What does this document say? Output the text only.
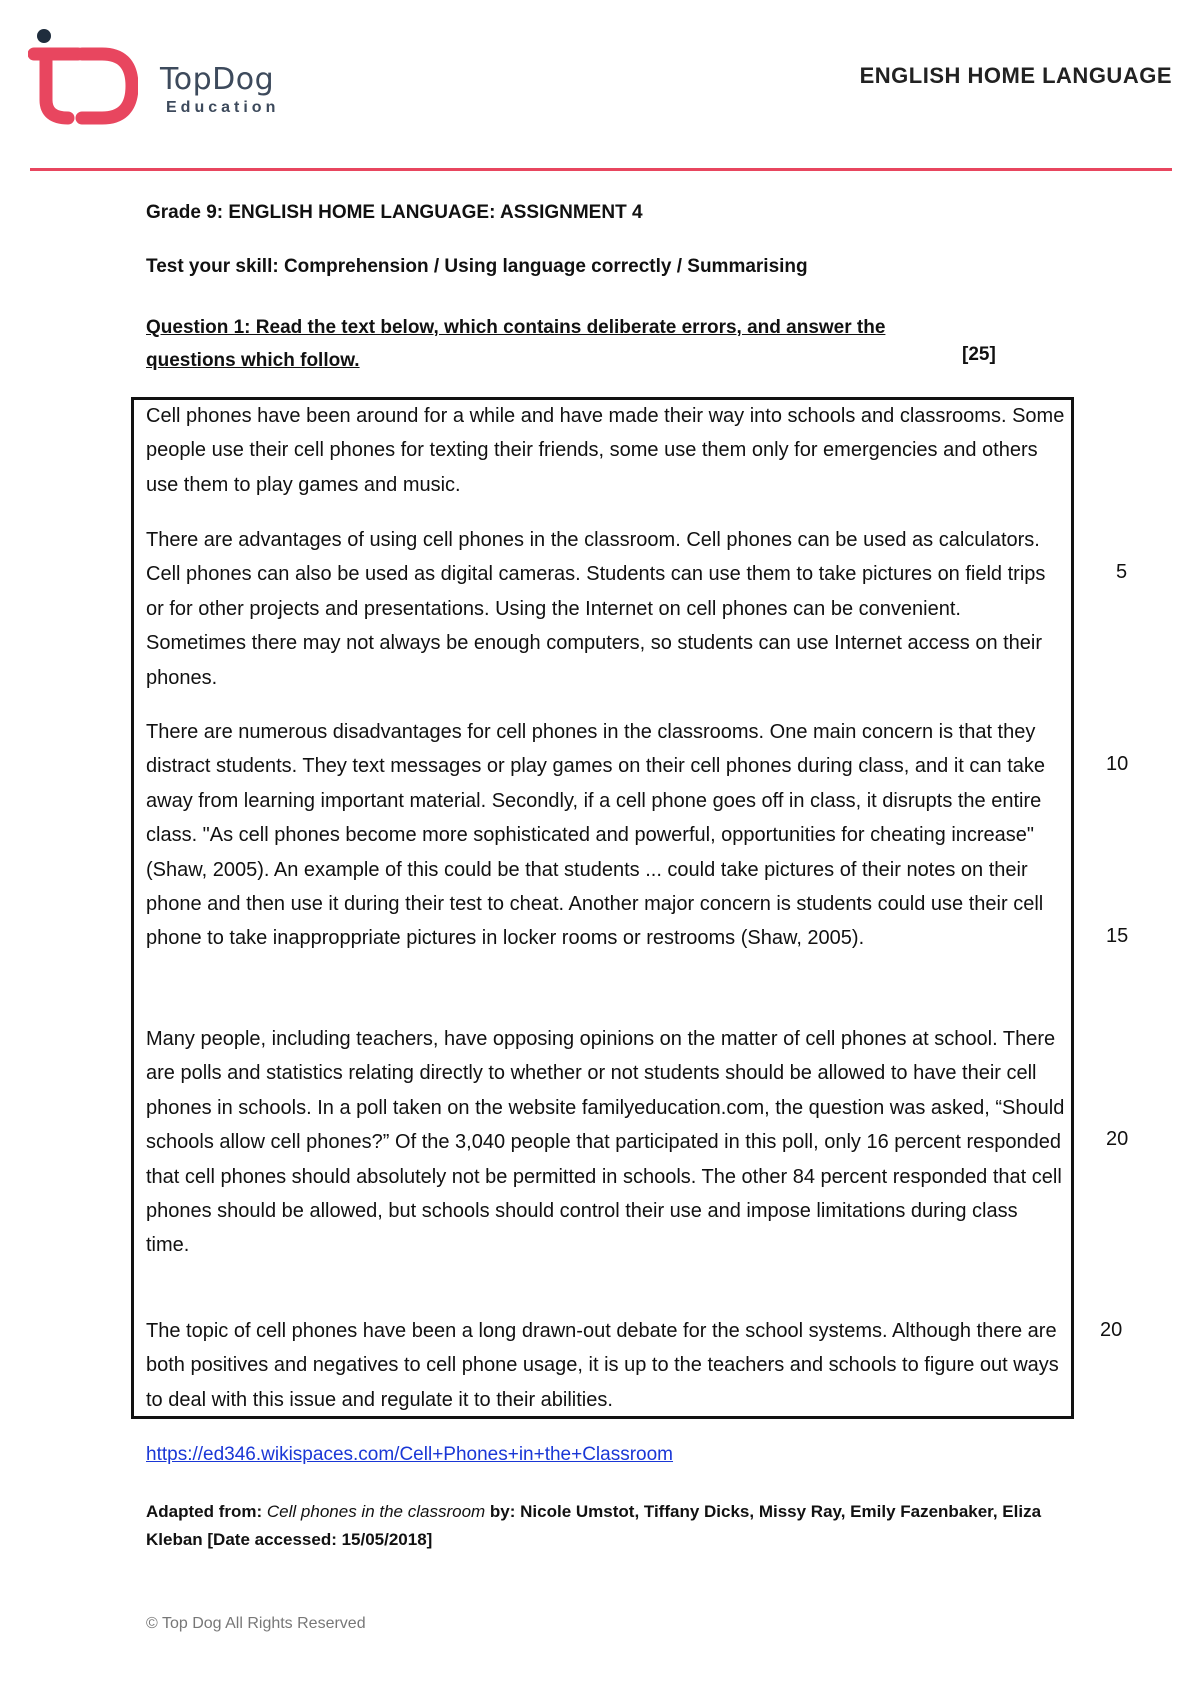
TopDog
Education
ENGLISH HOME LANGUAGE
Grade 9: ENGLISH HOME LANGUAGE: ASSIGNMENT 4
Test your skill: Comprehension / Using language correctly / Summarising
Question 1: Read the text below, which contains deliberate errors, and answer the
questions which follow.	[25]
Cell phones have been around for a while and have made their way into schools and classrooms. Some people use their cell phones for texting their friends, some use them only for emergencies and others use them to play games and music.
There are advantages of using cell phones in the classroom. Cell phones can be used as calculators. Cell phones can also be used as digital cameras. Students can use them to take pictures on field trips or for other projects and presentations. Using the Internet on cell phones can be convenient. Sometimes there may not always be enough computers, so students can use Internet access on their phones.
There are numerous disadvantages for cell phones in the classrooms. One main concern is that they distract students. They text messages or play games on their cell phones during class, and it can take away from learning important material. Secondly, if a cell phone goes off in class, it disrupts the entire class. "As cell phones become more sophisticated and powerful, opportunities for cheating increase" (Shaw, 2005). An example of this could be that students ... could take pictures of their notes on their phone and then use it during their test to cheat. Another major concern is students could use their cell phone to take inapproppriate pictures in locker rooms or restrooms (Shaw, 2005).
Many people, including teachers, have opposing opinions on the matter of cell phones at school. There are polls and statistics relating directly to whether or not students should be allowed to have their cell phones in schools. In a poll taken on the website familyeducation.com, the question was asked, “Should schools allow cell phones?” Of the 3,040 people that participated in this poll, only 16 percent responded that cell phones should absolutely not be permitted in schools. The other 84 percent responded that cell phones should be allowed, but schools should control their use and impose limitations during class time.
The topic of cell phones have been a long drawn-out debate for the school systems. Although there are both positives and negatives to cell phone usage, it is up to the teachers and schools to figure out ways to deal with this issue and regulate it to their abilities.
5
10
15
20
20
https://ed346.wikispaces.com/Cell+Phones+in+the+Classroom
Adapted from: Cell phones in the classroom by: Nicole Umstot, Tiffany Dicks, Missy Ray, Emily Fazenbaker, Eliza Kleban [Date accessed: 15/05/2018]
© Top Dog All Rights Reserved
